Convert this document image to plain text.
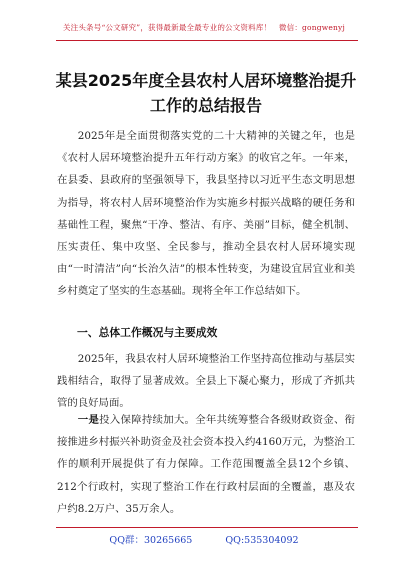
关注头条号“公文研究”，获得最新最全最专业的公文资料库！　微信：gongwenyj
某县2025年度全县农村人居环境整治提升工作的总结报告
2025年是全面贯彻落实党的二十大精神的关键之年，也是《农村人居环境整治提升五年行动方案》的收官之年。一年来，在县委、县政府的坚强领导下，我县坚持以习近平生态文明思想为指导，将农村人居环境整治作为实施乡村振兴战略的硬任务和基础性工程，聚焦“干净、整洁、有序、美丽”目标，健全机制、压实责任、集中攻坚、全民参与，推动全县农村人居环境实现由“一时清洁”向“长治久洁”的根本性转变，为建设宜居宜业和美乡村奠定了坚实的生态基础。现将全年工作总结如下。
一、总体工作概况与主要成效
2025年，我县农村人居环境整治工作坚持高位推动与基层实践相结合，取得了显著成效。全县上下凝心聚力，形成了齐抓共管的良好局面。
一是投入保障持续加大。全年共统筹整合各级财政资金、衔接推进乡村振兴补助资金及社会资本投入约4160万元，为整治工作的顺利开展提供了有力保障。工作范围覆盖全县12个乡镇、212个行政村，实现了整治工作在行政村层面的全覆盖，惠及农户约8.2万户、35万余人。
QQ群：30265665	QQ:535304092
